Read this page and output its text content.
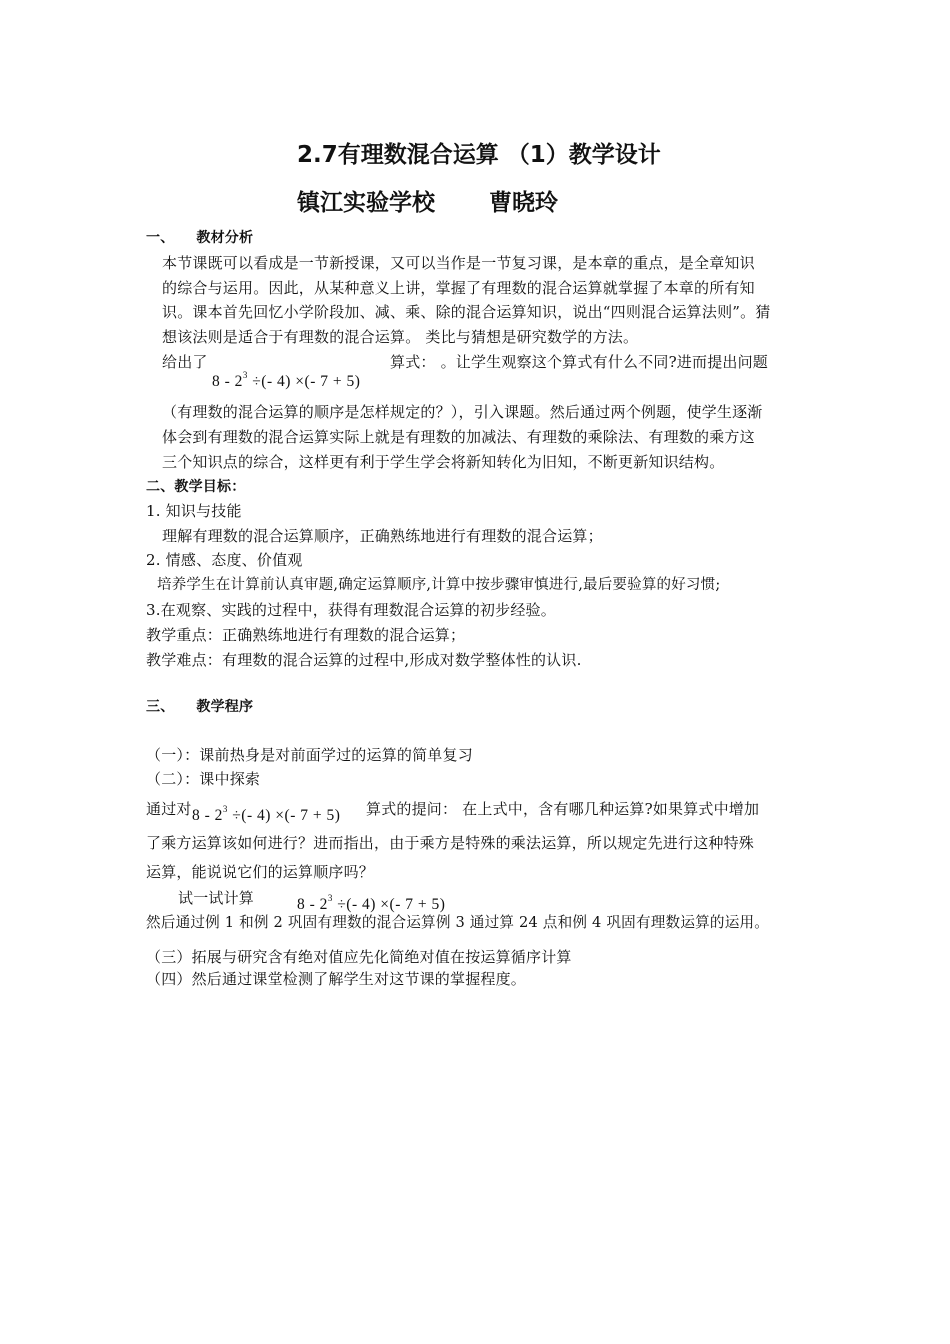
2.7有理数混合运算 （1）教学设计
镇江实验学校 曹晓玲
一、 教材分析
本节课既可以看成是一节新授课，又可以当作是一节复习课，是本章的重点，是全章知识
的综合与运用。因此，从某种意义上讲，掌握了有理数的混合运算就掌握了本章的所有知
识。课本首先回忆小学阶段加、减、乘、除的混合运算知识，说出“四则混合运算法则”。猜
想该法则是适合于有理数的混合运算。 类比与猜想是研究数学的方法。
给出了
$8 - 2^3$ ÷(- 4) ×(- 7 + 5)
算式： 。让学生观察这个算式有什么不同?进而提出问题
（有理数的混合运算的顺序是怎样规定的？），引入课题。然后通过两个例题，使学生逐渐
体会到有理数的混合运算实际上就是有理数的加减法、有理数的乘除法、有理数的乘方这
三个知识点的综合，这样更有利于学生学会将新知转化为旧知，不断更新知识结构。
二、教学目标：
1. 知识与技能
理解有理数的混合运算顺序，正确熟练地进行有理数的混合运算；
2. 情感、态度、价值观
培养学生在计算前认真审题,确定运算顺序,计算中按步骤审慎进行,最后要验算的好习惯;
3.在观察、实践的过程中，获得有理数混合运算的初步经验。
教学重点：正确熟练地进行有理数的混合运算；
教学难点：有理数的混合运算的过程中,形成对数学整体性的认识.
三、 教学程序
（一）：课前热身是对前面学过的运算的简单复习
（二）：课中探索
通过对 $8 - 2^3$ ÷(- 4) ×(- 7 + 5) 算式的提问： 在上式中，含有哪几种运算?如果算式中增加
了乘方运算该如何进行？进而指出，由于乘方是特殊的乘法运算，所以规定先进行这种特殊
运算，能说说它们的运算顺序吗？
试一试计算	$8 - 2^3$ ÷(- 4) ×(- 7 + 5)
然后通过例 1 和例 2 巩固有理数的混合运算例 3 通过算 24 点和例 4 巩固有理数运算的运用。
（三）拓展与研究含有绝对值应先化简绝对值在按运算循序计算
（四）然后通过课堂检测了解学生对这节课的掌握程度。
